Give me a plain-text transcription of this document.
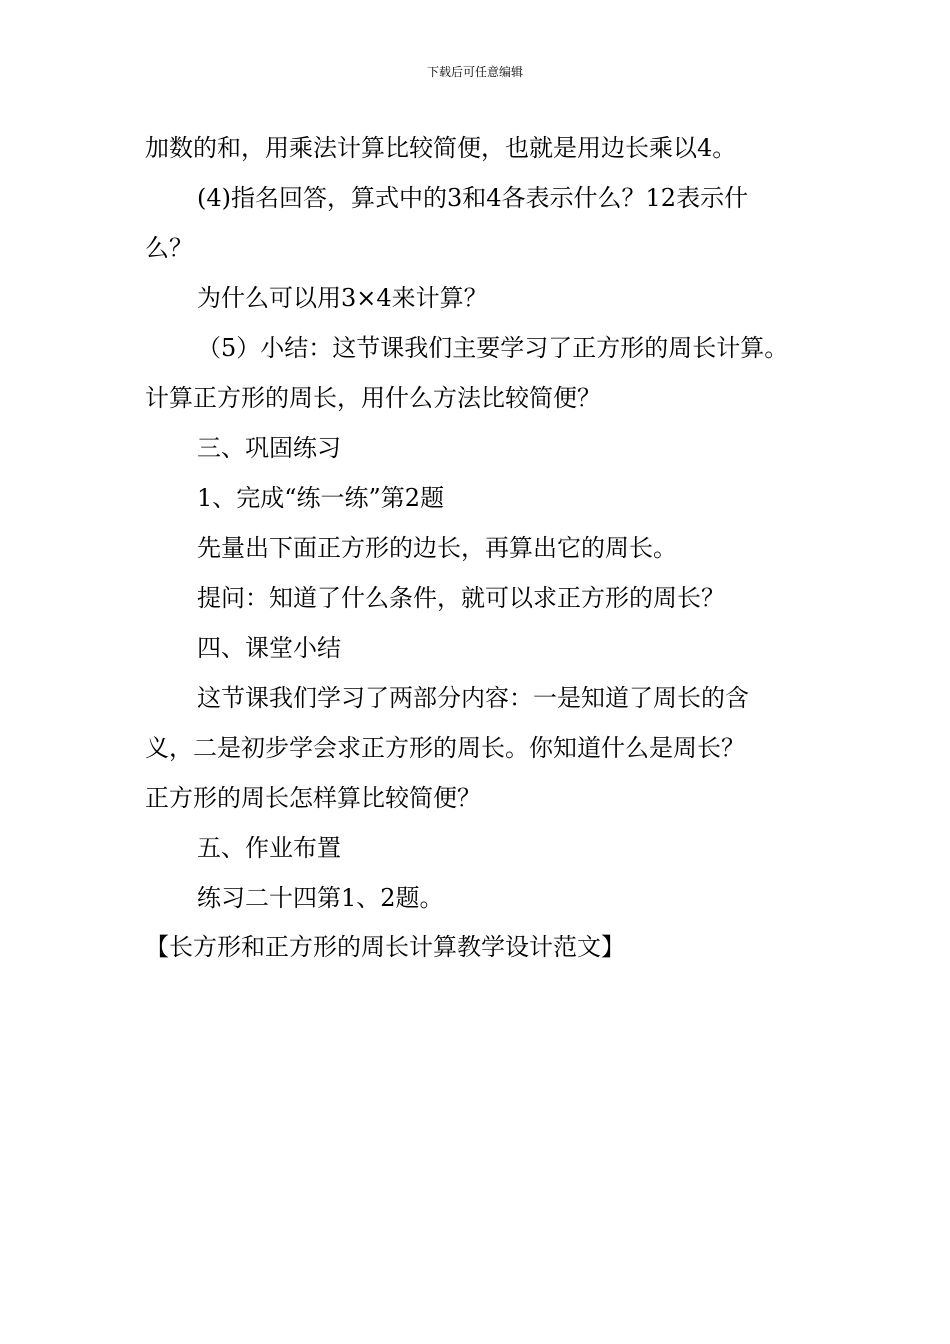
下载后可任意编辑
加数的和，用乘法计算比较简便，也就是用边长乘以4。
(4)指名回答，算式中的3和4各表示什么？12表示什
么？
为什么可以用3×4来计算？
（5）小结：这节课我们主要学习了正方形的周长计算。
计算正方形的周长，用什么方法比较简便？
三、巩固练习
1、完成“练一练”第2题
先量出下面正方形的边长，再算出它的周长。
提问：知道了什么条件，就可以求正方形的周长？
四、课堂小结
这节课我们学习了两部分内容：一是知道了周长的含
义，二是初步学会求正方形的周长。你知道什么是周长？
正方形的周长怎样算比较简便？
五、作业布置
练习二十四第1、2题。
【长方形和正方形的周长计算教学设计范文】
